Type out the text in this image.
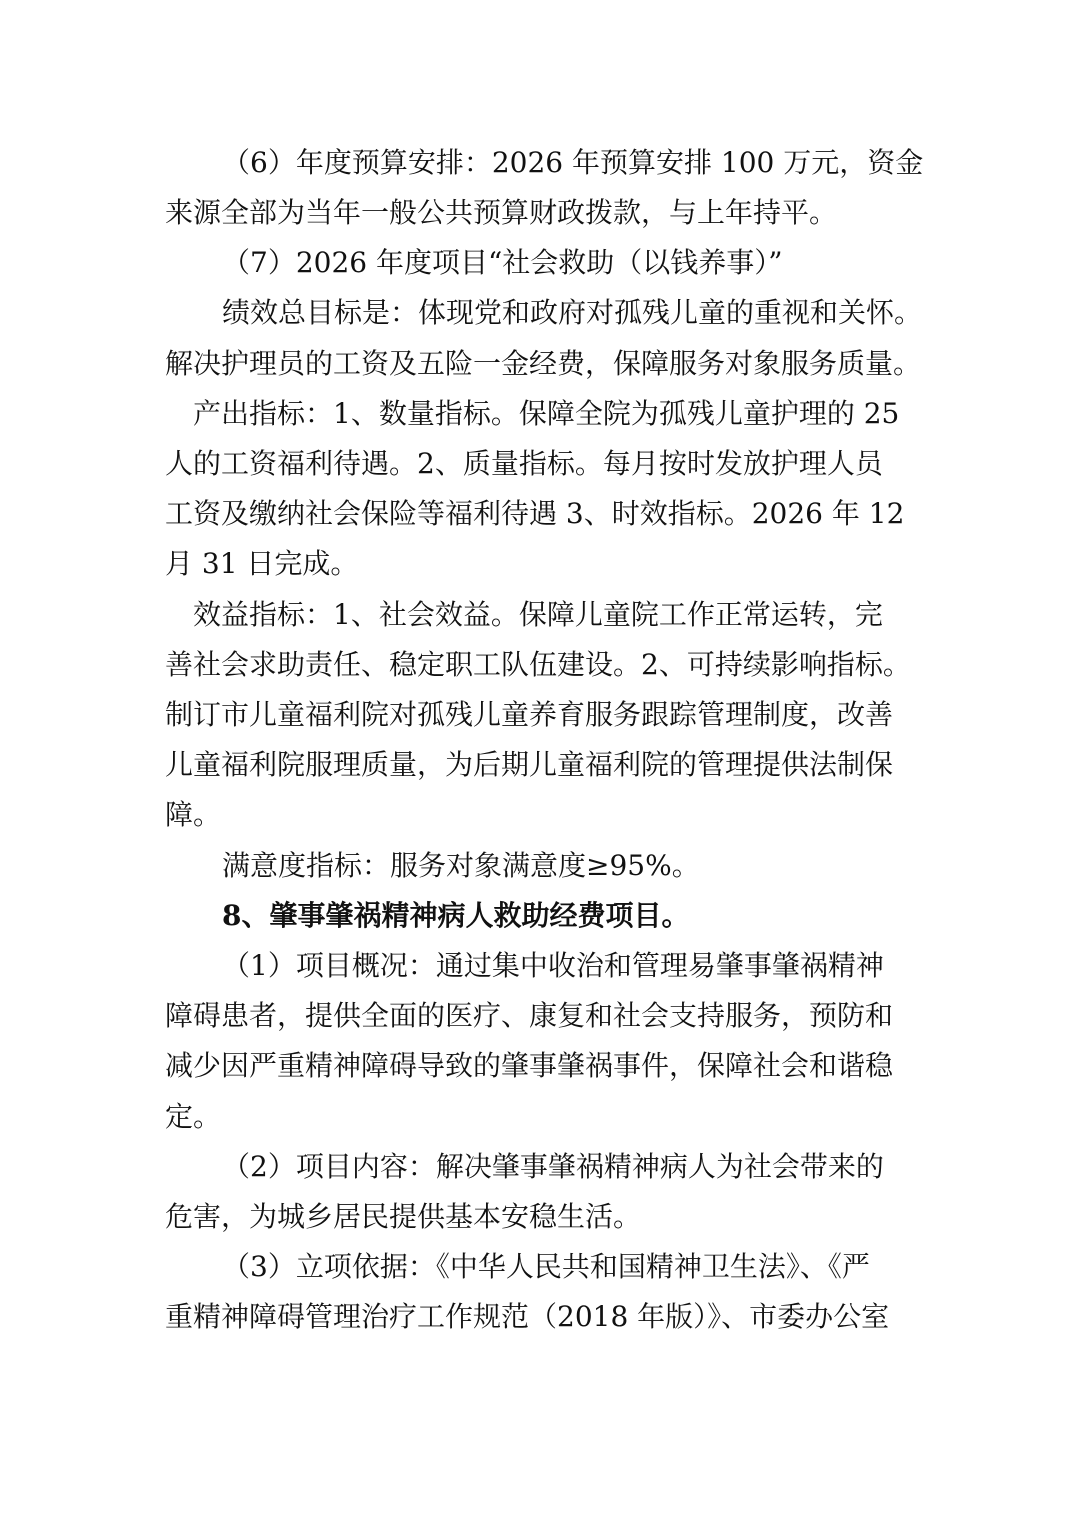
（6）年度预算安排：2026 年预算安排 100 万元，资金
来源全部为当年一般公共预算财政拨款，与上年持平。
（7）2026 年度项目“社会救助（以钱养事）”
绩效总目标是：体现党和政府对孤残儿童的重视和关怀。
解决护理员的工资及五险一金经费，保障服务对象服务质量。
产出指标：1、数量指标。保障全院为孤残儿童护理的 25
人的工资福利待遇。2、质量指标。每月按时发放护理人员
工资及缴纳社会保险等福利待遇 3、时效指标。2026 年 12
月 31 日完成。
效益指标：1、社会效益。保障儿童院工作正常运转，完
善社会求助责任、稳定职工队伍建设。2、可持续影响指标。
制订市儿童福利院对孤残儿童养育服务跟踪管理制度，改善
儿童福利院服理质量，为后期儿童福利院的管理提供法制保
障。
满意度指标：服务对象满意度≥95%。
8、肇事肇祸精神病人救助经费项目。
（1）项目概况：通过集中收治和管理易肇事肇祸精神
障碍患者，提供全面的医疗、康复和社会支持服务，预防和
减少因严重精神障碍导致的肇事肇祸事件，保障社会和谐稳
定。
（2）项目内容：解决肇事肇祸精神病人为社会带来的
危害，为城乡居民提供基本安稳生活。
（3）立项依据：《中华人民共和国精神卫生法》、《严
重精神障碍管理治疗工作规范（2018 年版）》、市委办公室
